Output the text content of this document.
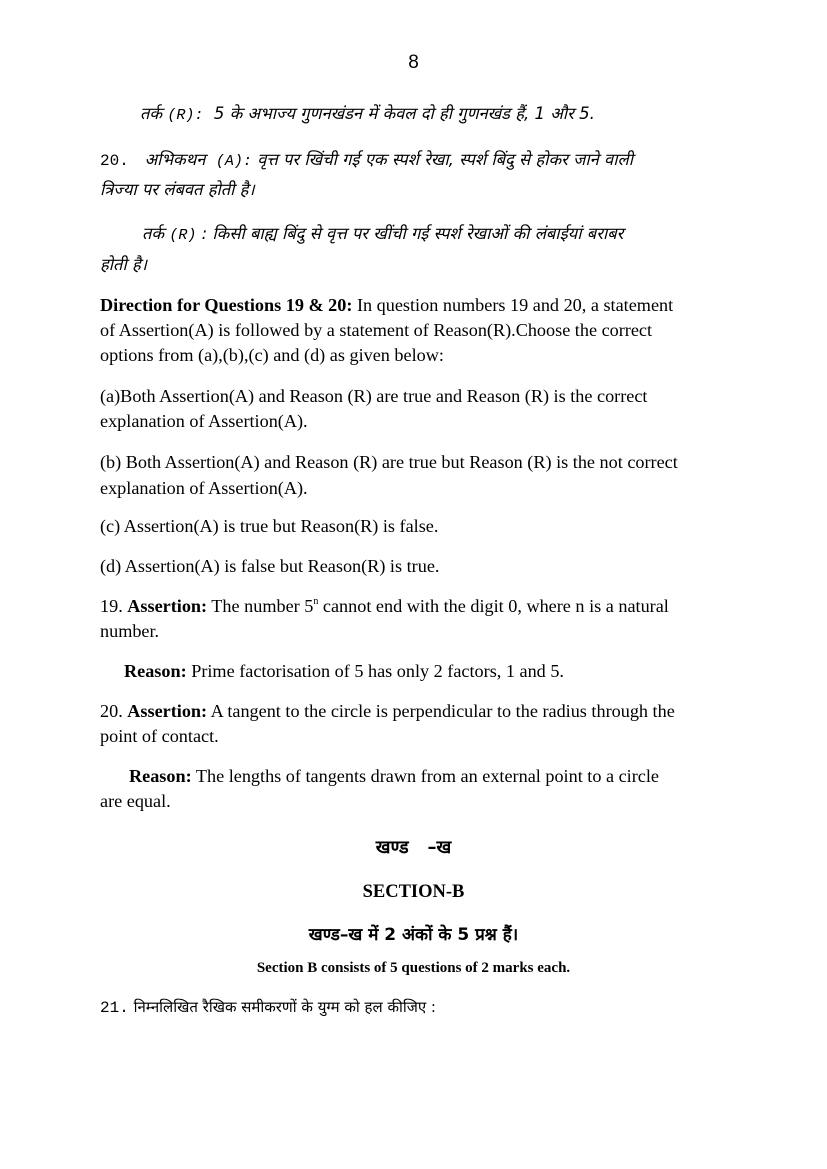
8
तर्क (R): 5 के अभाज्य गुणनखंडन में केवल दो ही गुणनखंड हैं, 1 और 5.
20. अभिकथन (A): वृत्त पर खिंची गई एक स्पर्श रेखा, स्पर्श बिंदु से होकर जाने वाली
त्रिज्या पर लंबवत होती है।
तर्क (R) : किसी बाह्य बिंदु से वृत्त पर खींची गई स्पर्श रेखाओं की लंबाईयां बराबर
होती है।
Direction for Questions 19 & 20: In question numbers 19 and 20, a statement
of Assertion(A) is followed by a statement of Reason(R).Choose the correct
options from (a),(b),(c) and (d) as given below:
(a)Both Assertion(A) and Reason (R) are true and Reason (R) is the correct
explanation of Assertion(A).
(b) Both Assertion(A) and Reason (R) are true but Reason (R) is the not correct
explanation of Assertion(A).
(c) Assertion(A) is true but Reason(R) is false.
(d) Assertion(A) is false but Reason(R) is true.
19. Assertion: The number 5$^n$ cannot end with the digit 0, where n is a natural
number.
Reason: Prime factorisation of 5 has only 2 factors, 1 and 5.
20. Assertion: A tangent to the circle is perpendicular to the radius through the
point of contact.
Reason: The lengths of tangents drawn from an external point to a circle
are equal.
खण्ड   –ख
SECTION-B
खण्ड–ख में 2 अंकों के 5 प्रश्न हैं।
Section B consists of 5 questions of 2 marks each.
21. निम्नलिखित रैखिक समीकरणों के युग्म को हल कीजिए :
